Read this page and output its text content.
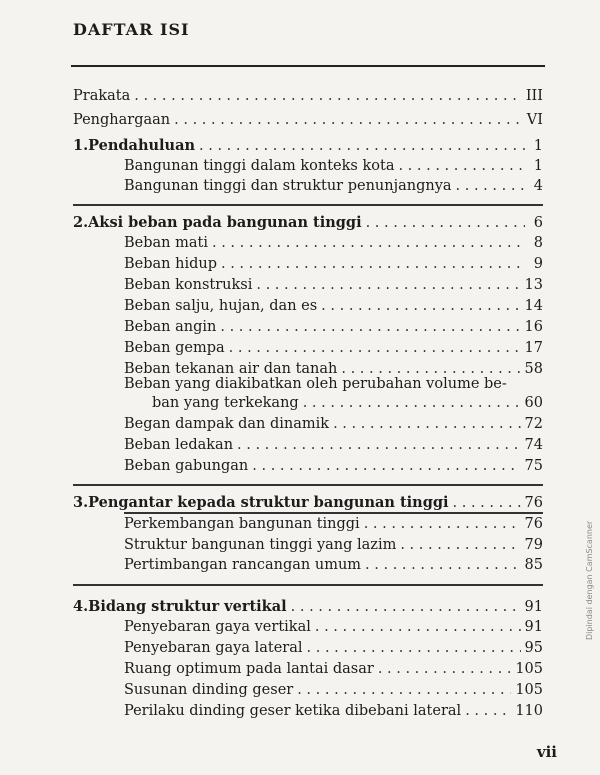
DAFTAR ISI
Prakata . . .	III
Penghargaan . . .	VI
1. Pendahuluan . . .	1
Bangunan tinggi dalam konteks kota . . .	1
Bangunan tinggi dan struktur penunjangnya . . .	4
2. Aksi beban pada bangunan tinggi . . .	6
Beban mati . . .	8
Beban hidup . . .	9
Beban konstruksi . . .	13
Beban salju, hujan, dan es . . .	14
Beban angin . . .	16
Beban gempa . . .	17
Beban tekanan air dan tanah . . .	58
Beban yang diakibatkan oleh perubahan volume be-
ban yang terkekang . . .	60
Began dampak dan dinamik . . .	72
Beban ledakan . . .	74
Beban gabungan . . .	75
3. Pengantar kepada struktur bangunan tinggi . . .	76
Perkembangan bangunan tinggi . . .	76
Struktur bangunan tinggi yang lazim . . .	79
Pertimbangan rancangan umum . . .	85
4. Bidang struktur vertikal . . .	91
Penyebaran gaya vertikal . . .	91
Penyebaran gaya lateral . . .	95
Ruang optimum pada lantai dasar . . .	105
Susunan dinding geser . . .	105
Perilaku dinding geser ketika dibebani lateral . . .	110
vii
Dipindai dengan CamScanner
